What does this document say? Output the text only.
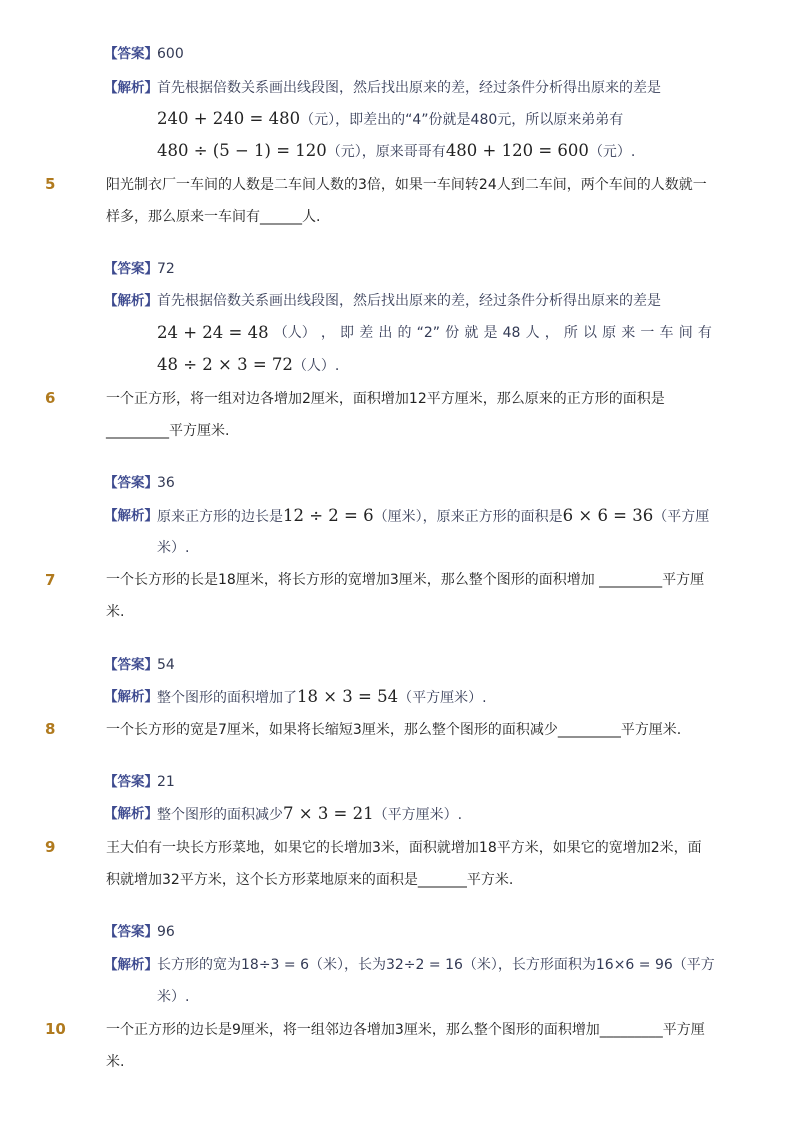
【答案】 600
【解析】 首先根据倍数关系画出线段图，然后找出原来的差，经过条件分析得出原来的差是
240 + 240 = 480（元），即差出的“4”份就是480元，所以原来弟弟有
480 ÷ (5 − 1) = 120（元），原来哥哥有480 + 120 = 600（元）.
5	阳光制衣厂一车间的人数是二车间人数的3倍，如果一车间转24人到二车间，两个车间的人数就一
样多，那么原来一车间有______人.
【答案】 72
【解析】 首先根据倍数关系画出线段图，然后找出原来的差，经过条件分析得出原来的差是
24 + 24 = 48 （人） ， 即 差 出 的 “2” 份 就 是 48 人 ， 所 以 原 来 一 车 间 有
48 ÷ 2 × 3 = 72（人）.
6	一个正方形，将一组对边各增加2厘米，面积增加12平方厘米，那么原来的正方形的面积是
_________平方厘米.
【答案】 36
【解析】 原来正方形的边长是12 ÷ 2 = 6（厘米），原来正方形的面积是6 × 6 = 36（平方厘
米）.
7	一个长方形的长是18厘米，将长方形的宽增加3厘米，那么整个图形的面积增加 _________平方厘
米.
【答案】 54
【解析】 整个图形的面积增加了18 × 3 = 54（平方厘米）.
8	一个长方形的宽是7厘米，如果将长缩短3厘米，那么整个图形的面积减少_________平方厘米.
【答案】 21
【解析】 整个图形的面积减少7 × 3 = 21（平方厘米）.
9	王大伯有一块长方形菜地，如果它的长增加3米，面积就增加18平方米，如果它的宽增加2米，面
积就增加32平方米，这个长方形菜地原来的面积是_______平方米.
【答案】 96
【解析】 长方形的宽为18÷3 = 6（米），长为32÷2 = 16（米），长方形面积为16×6 = 96（平方
米）.
10	一个正方形的边长是9厘米，将一组邻边各增加3厘米，那么整个图形的面积增加_________平方厘
米.
